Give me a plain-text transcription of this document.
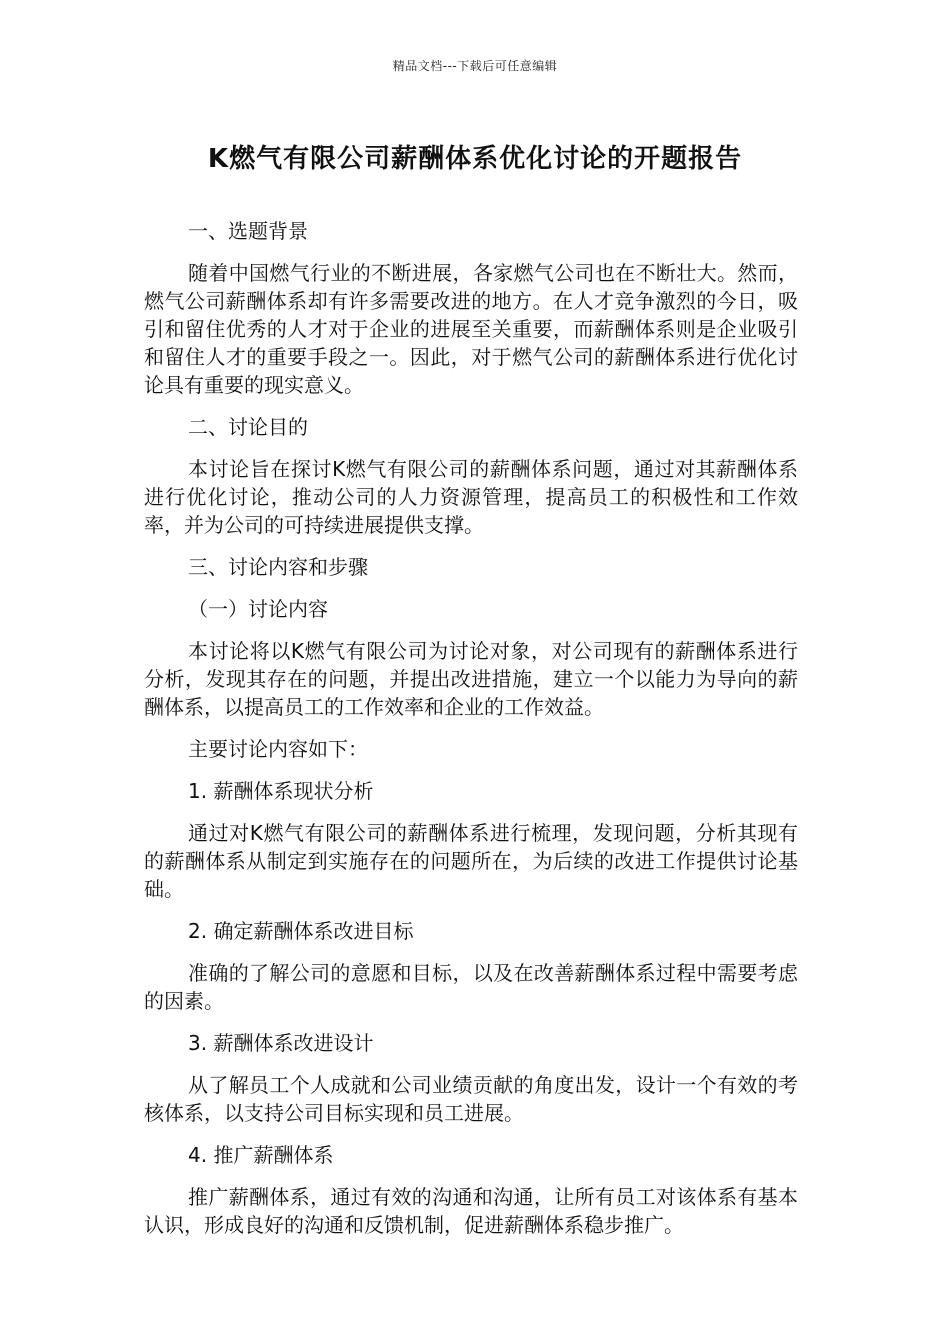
精品文档---下载后可任意编辑
K燃气有限公司薪酬体系优化讨论的开题报告

一、选题背景

随着中国燃气行业的不断进展，各家燃气公司也在不断壮大。然而，燃气公司薪酬体系却有许多需要改进的地方。在人才竞争激烈的今日，吸引和留住优秀的人才对于企业的进展至关重要，而薪酬体系则是企业吸引和留住人才的重要手段之一。因此，对于燃气公司的薪酬体系进行优化讨论具有重要的现实意义。

二、讨论目的

本讨论旨在探讨K燃气有限公司的薪酬体系问题，通过对其薪酬体系进行优化讨论，推动公司的人力资源管理，提高员工的积极性和工作效率，并为公司的可持续进展提供支撑。

三、讨论内容和步骤

（一）讨论内容

本讨论将以K燃气有限公司为讨论对象，对公司现有的薪酬体系进行分析，发现其存在的问题，并提出改进措施，建立一个以能力为导向的薪酬体系，以提高员工的工作效率和企业的工作效益。

主要讨论内容如下：

1. 薪酬体系现状分析

通过对K燃气有限公司的薪酬体系进行梳理，发现问题，分析其现有的薪酬体系从制定到实施存在的问题所在，为后续的改进工作提供讨论基础。

2. 确定薪酬体系改进目标

准确的了解公司的意愿和目标，以及在改善薪酬体系过程中需要考虑的因素。

3. 薪酬体系改进设计

从了解员工个人成就和公司业绩贡献的角度出发，设计一个有效的考核体系，以支持公司目标实现和员工进展。

4. 推广薪酬体系

推广薪酬体系，通过有效的沟通和沟通，让所有员工对该体系有基本认识，形成良好的沟通和反馈机制，促进薪酬体系稳步推广。
